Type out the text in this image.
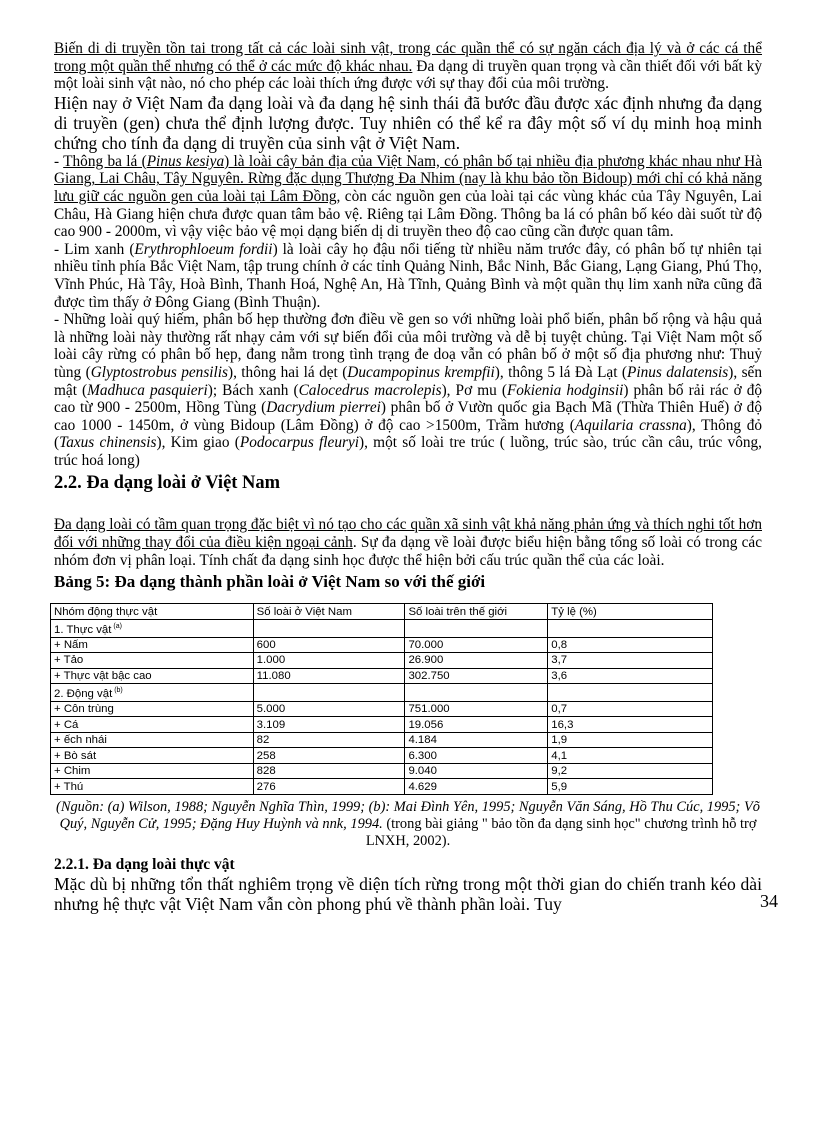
Biến di di truyền tồn tai trong tất cả các loài sinh vật, trong các quần thể có sự ngăn cách địa lý và ở các cá thể trong một quần thể nhưng có thể ở các mức độ khác nhau. Đa dạng di truyền quan trọng và cần thiết đối với bất kỳ một loài sinh vật nào, nó cho phép các loài thích ứng được với sự thay đổi của môi trường.

Hiện nay ở Việt Nam đa dạng loài và đa dạng hệ sinh thái đã bước đầu được xác định nhưng đa dạng di truyền (gen) chưa thể định lượng được. Tuy nhiên có thể kể ra đây một số ví dụ minh hoạ minh chứng cho tính đa dạng di truyền của sinh vật ở Việt Nam.

- Thông ba lá (Pinus kesiya) là loài cây bản địa của Việt Nam, có phân bố tại nhiều địa phương khác nhau như Hà Giang, Lai Châu, Tây Nguyên. Rừng đặc dụng Thượng Đa Nhim (nay là khu bảo tồn Bidoup) mới chỉ có khả năng lưu giữ các nguồn gen của loài tại Lâm Đồng, còn các nguồn gen của loài tại các vùng khác của Tây Nguyên, Lai Châu, Hà Giang hiện chưa được quan tâm bảo vệ. Riêng tại Lâm Đồng. Thông ba lá có phân bố kéo dài suốt từ độ cao 900 - 2000m, vì vậy việc bảo vệ mọi dạng biến dị di truyền theo độ cao cũng cần được quan tâm.

- Lim xanh (Erythrophloeum fordii) là loài cây họ đậu nổi tiếng từ nhiều năm trước đây, có phân bố tự nhiên tại nhiều tỉnh phía Bắc Việt Nam, tập trung chính ở các tỉnh Quảng Ninh, Bắc Ninh, Bắc Giang, Lạng Giang, Phú Thọ, Vĩnh Phúc, Hà Tây, Hoà Bình, Thanh Hoá, Nghệ An, Hà Tĩnh, Quảng Bình và một quần thụ lim xanh nữa cũng đã được tìm thấy ở Đông Giang (Bình Thuận).

- Những loài quý hiếm, phân bố hẹp thường đơn điều về gen so với những loài phổ biến, phân bố rộng và hậu quả là những loài này thường rất nhạy cảm với sự biến đổi của môi trường và dễ bị tuyệt chủng. Tại Việt Nam một số loài cây rừng có phân bố hẹp, đang nằm trong tình trạng đe doạ vẫn có phân bố ở một số địa phương như: Thuỷ tùng (Glyptostrobus pensilis), thông hai lá dẹt (Ducampopinus krempfii), thông 5 lá Đà Lạt (Pinus dalatensis), sến mật (Madhuca pasquieri); Bách xanh (Calocedrus macrolepis), Pơ mu (Fokienia hodginsii) phân bố rải rác ở độ cao từ 900 - 2500m, Hồng Tùng (Dacrydium pierrei) phân bố ở Vườn quốc gia Bạch Mã (Thừa Thiên Huế) ở độ cao 1000 - 1450m, ở vùng Bidoup (Lâm Đồng) ở độ cao >1500m, Trầm hương (Aquilaria crassna), Thông đỏ (Taxus chinensis), Kim giao (Podocarpus fleuryi), một số loài tre trúc ( luồng, trúc sào, trúc cần câu, trúc vông, trúc hoá long)

2.2. Đa dạng loài ở Việt Nam

Đa dạng loài có tầm quan trọng đặc biệt vì nó tạo cho các quần xã sinh vật khả năng phản ứng và thích nghi tốt hơn đối với những thay đổi của điều kiện ngoại cảnh. Sự đa dạng về loài được biểu hiện bằng tổng số loài có trong các nhóm đơn vị phân loại. Tính chất đa dạng sinh học được thể hiện bởi cấu trúc quần thể của các loài.

Bảng 5: Đa dạng thành phần loài ở Việt Nam so với thế giới
Nhóm động thực vật	Số loài ở Việt Nam	Số loài trên thế giới	Tỷ lệ (%)
1. Thực vật $^{(a)}$			
+ Nấm	600	70.000	0,8
+ Tảo	1.000	26.900	3,7
+ Thực vật bậc cao	11.080	302.750	3,6
2. Động vật $^{(b)}$			
+ Côn trùng	5.000	751.000	0,7
+ Cá	3.109	19.056	16,3
+ ếch nhái	82	4.184	1,9
+ Bò sát	258	6.300	4,1
+ Chim	828	9.040	9,2
+ Thú	276	4.629	5,9

(Nguồn: (a) Wilson, 1988; Nguyễn Nghĩa Thìn, 1999; (b): Mai Đình Yên, 1995; Nguyễn Văn Sáng, Hồ Thu Cúc, 1995; Võ Quý, Nguyễn Cử, 1995; Đặng Huy Huỳnh và nnk, 1994. (trong bài giảng " bảo tồn đa dạng sinh học" chương trình hỗ trợ LNXH, 2002).

2.2.1. Đa dạng loài thực vật

Mặc dù bị những tổn thất nghiêm trọng về diện tích rừng trong một thời gian do chiến tranh kéo dài nhưng hệ thực vật Việt Nam vẫn còn phong phú về thành phần loài. Tuy	34
